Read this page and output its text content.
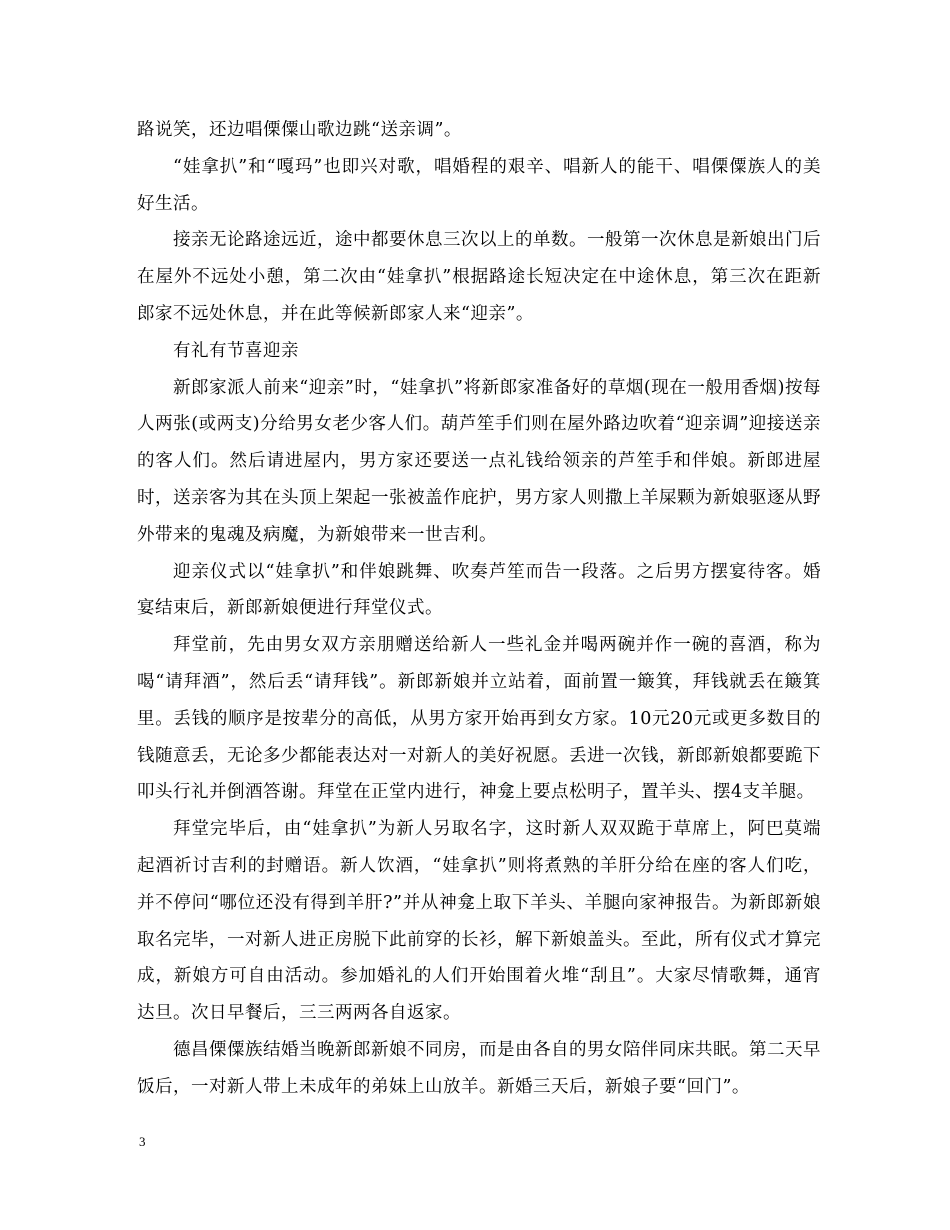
路说笑，还边唱傈僳山歌边跳“送亲调”。

“娃拿扒”和“嘎玛”也即兴对歌，唱婚程的艰辛、唱新人的能干、唱傈僳族人的美好生活。

接亲无论路途远近，途中都要休息三次以上的单数。一般第一次休息是新娘出门后在屋外不远处小憩，第二次由“娃拿扒”根据路途长短决定在中途休息，第三次在距新郎家不远处休息，并在此等候新郎家人来“迎亲”。

有礼有节喜迎亲

新郎家派人前来“迎亲”时，“娃拿扒”将新郎家准备好的草烟(现在一般用香烟)按每人两张(或两支)分给男女老少客人们。葫芦笙手们则在屋外路边吹着“迎亲调”迎接送亲的客人们。然后请进屋内，男方家还要送一点礼钱给领亲的芦笙手和伴娘。新郎进屋时，送亲客为其在头顶上架起一张被盖作庇护，男方家人则撒上羊屎颗为新娘驱逐从野外带来的鬼魂及病魔，为新娘带来一世吉利。

迎亲仪式以“娃拿扒”和伴娘跳舞、吹奏芦笙而告一段落。之后男方摆宴待客。婚宴结束后，新郎新娘便进行拜堂仪式。

拜堂前，先由男女双方亲朋赠送给新人一些礼金并喝两碗并作一碗的喜酒，称为喝“请拜酒”，然后丢“请拜钱”。新郎新娘并立站着，面前置一簸箕，拜钱就丢在簸箕里。丢钱的顺序是按辈分的高低，从男方家开始再到女方家。10元20元或更多数目的钱随意丢，无论多少都能表达对一对新人的美好祝愿。丢进一次钱，新郎新娘都要跪下叩头行礼并倒酒答谢。拜堂在正堂内进行，神龛上要点松明子，置羊头、摆4支羊腿。

拜堂完毕后，由“娃拿扒”为新人另取名字，这时新人双双跪于草席上，阿巴莫端起酒祈讨吉利的封赠语。新人饮酒，“娃拿扒”则将煮熟的羊肝分给在座的客人们吃，并不停问“哪位还没有得到羊肝?”并从神龛上取下羊头、羊腿向家神报告。为新郎新娘取名完毕，一对新人进正房脱下此前穿的长衫，解下新娘盖头。至此，所有仪式才算完成，新娘方可自由活动。参加婚礼的人们开始围着火堆“刮且”。大家尽情歌舞，通宵达旦。次日早餐后，三三两两各自返家。

德昌傈僳族结婚当晚新郎新娘不同房，而是由各自的男女陪伴同床共眠。第二天早饭后，一对新人带上未成年的弟妹上山放羊。新婚三天后，新娘子要“回门”。

3
